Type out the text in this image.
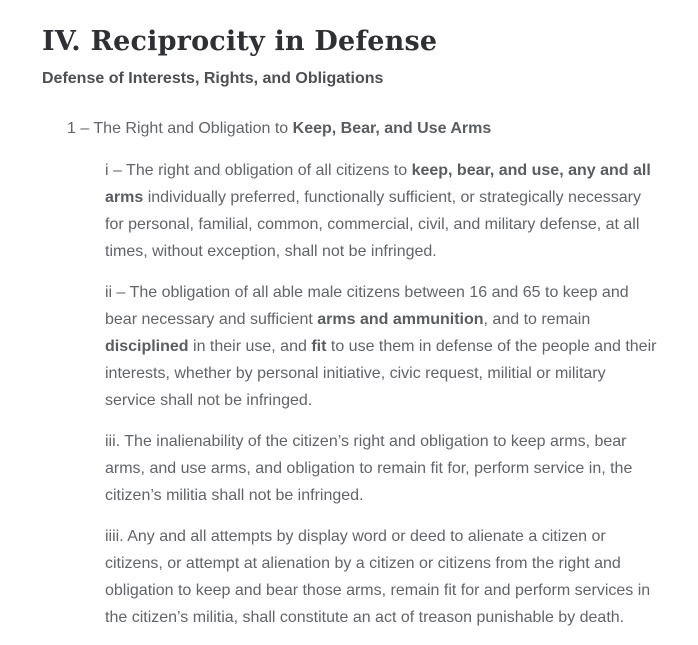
IV. Reciprocity in Defense
Defense of Interests, Rights, and Obligations

1 – The Right and Obligation to Keep, Bear, and Use Arms

i – The right and obligation of all citizens to keep, bear, and use, any and all arms individually preferred, functionally sufficient, or strategically necessary for personal, familial, common, commercial, civil, and military defense, at all times, without exception, shall not be infringed.

ii – The obligation of all able male citizens between 16 and 65 to keep and bear necessary and sufficient arms and ammunition, and to remain disciplined in their use, and fit to use them in defense of the people and their interests, whether by personal initiative, civic request, militial or military service shall not be infringed.

iii. The inalienability of the citizen’s right and obligation to keep arms, bear arms, and use arms, and obligation to remain fit for, perform service in, the citizen’s militia shall not be infringed.

iiii. Any and all attempts by display word or deed to alienate a citizen or citizens, or attempt at alienation by a citizen or citizens from the right and obligation to keep and bear those arms, remain fit for and perform services in the citizen’s militia, shall constitute an act of treason punishable by death.
